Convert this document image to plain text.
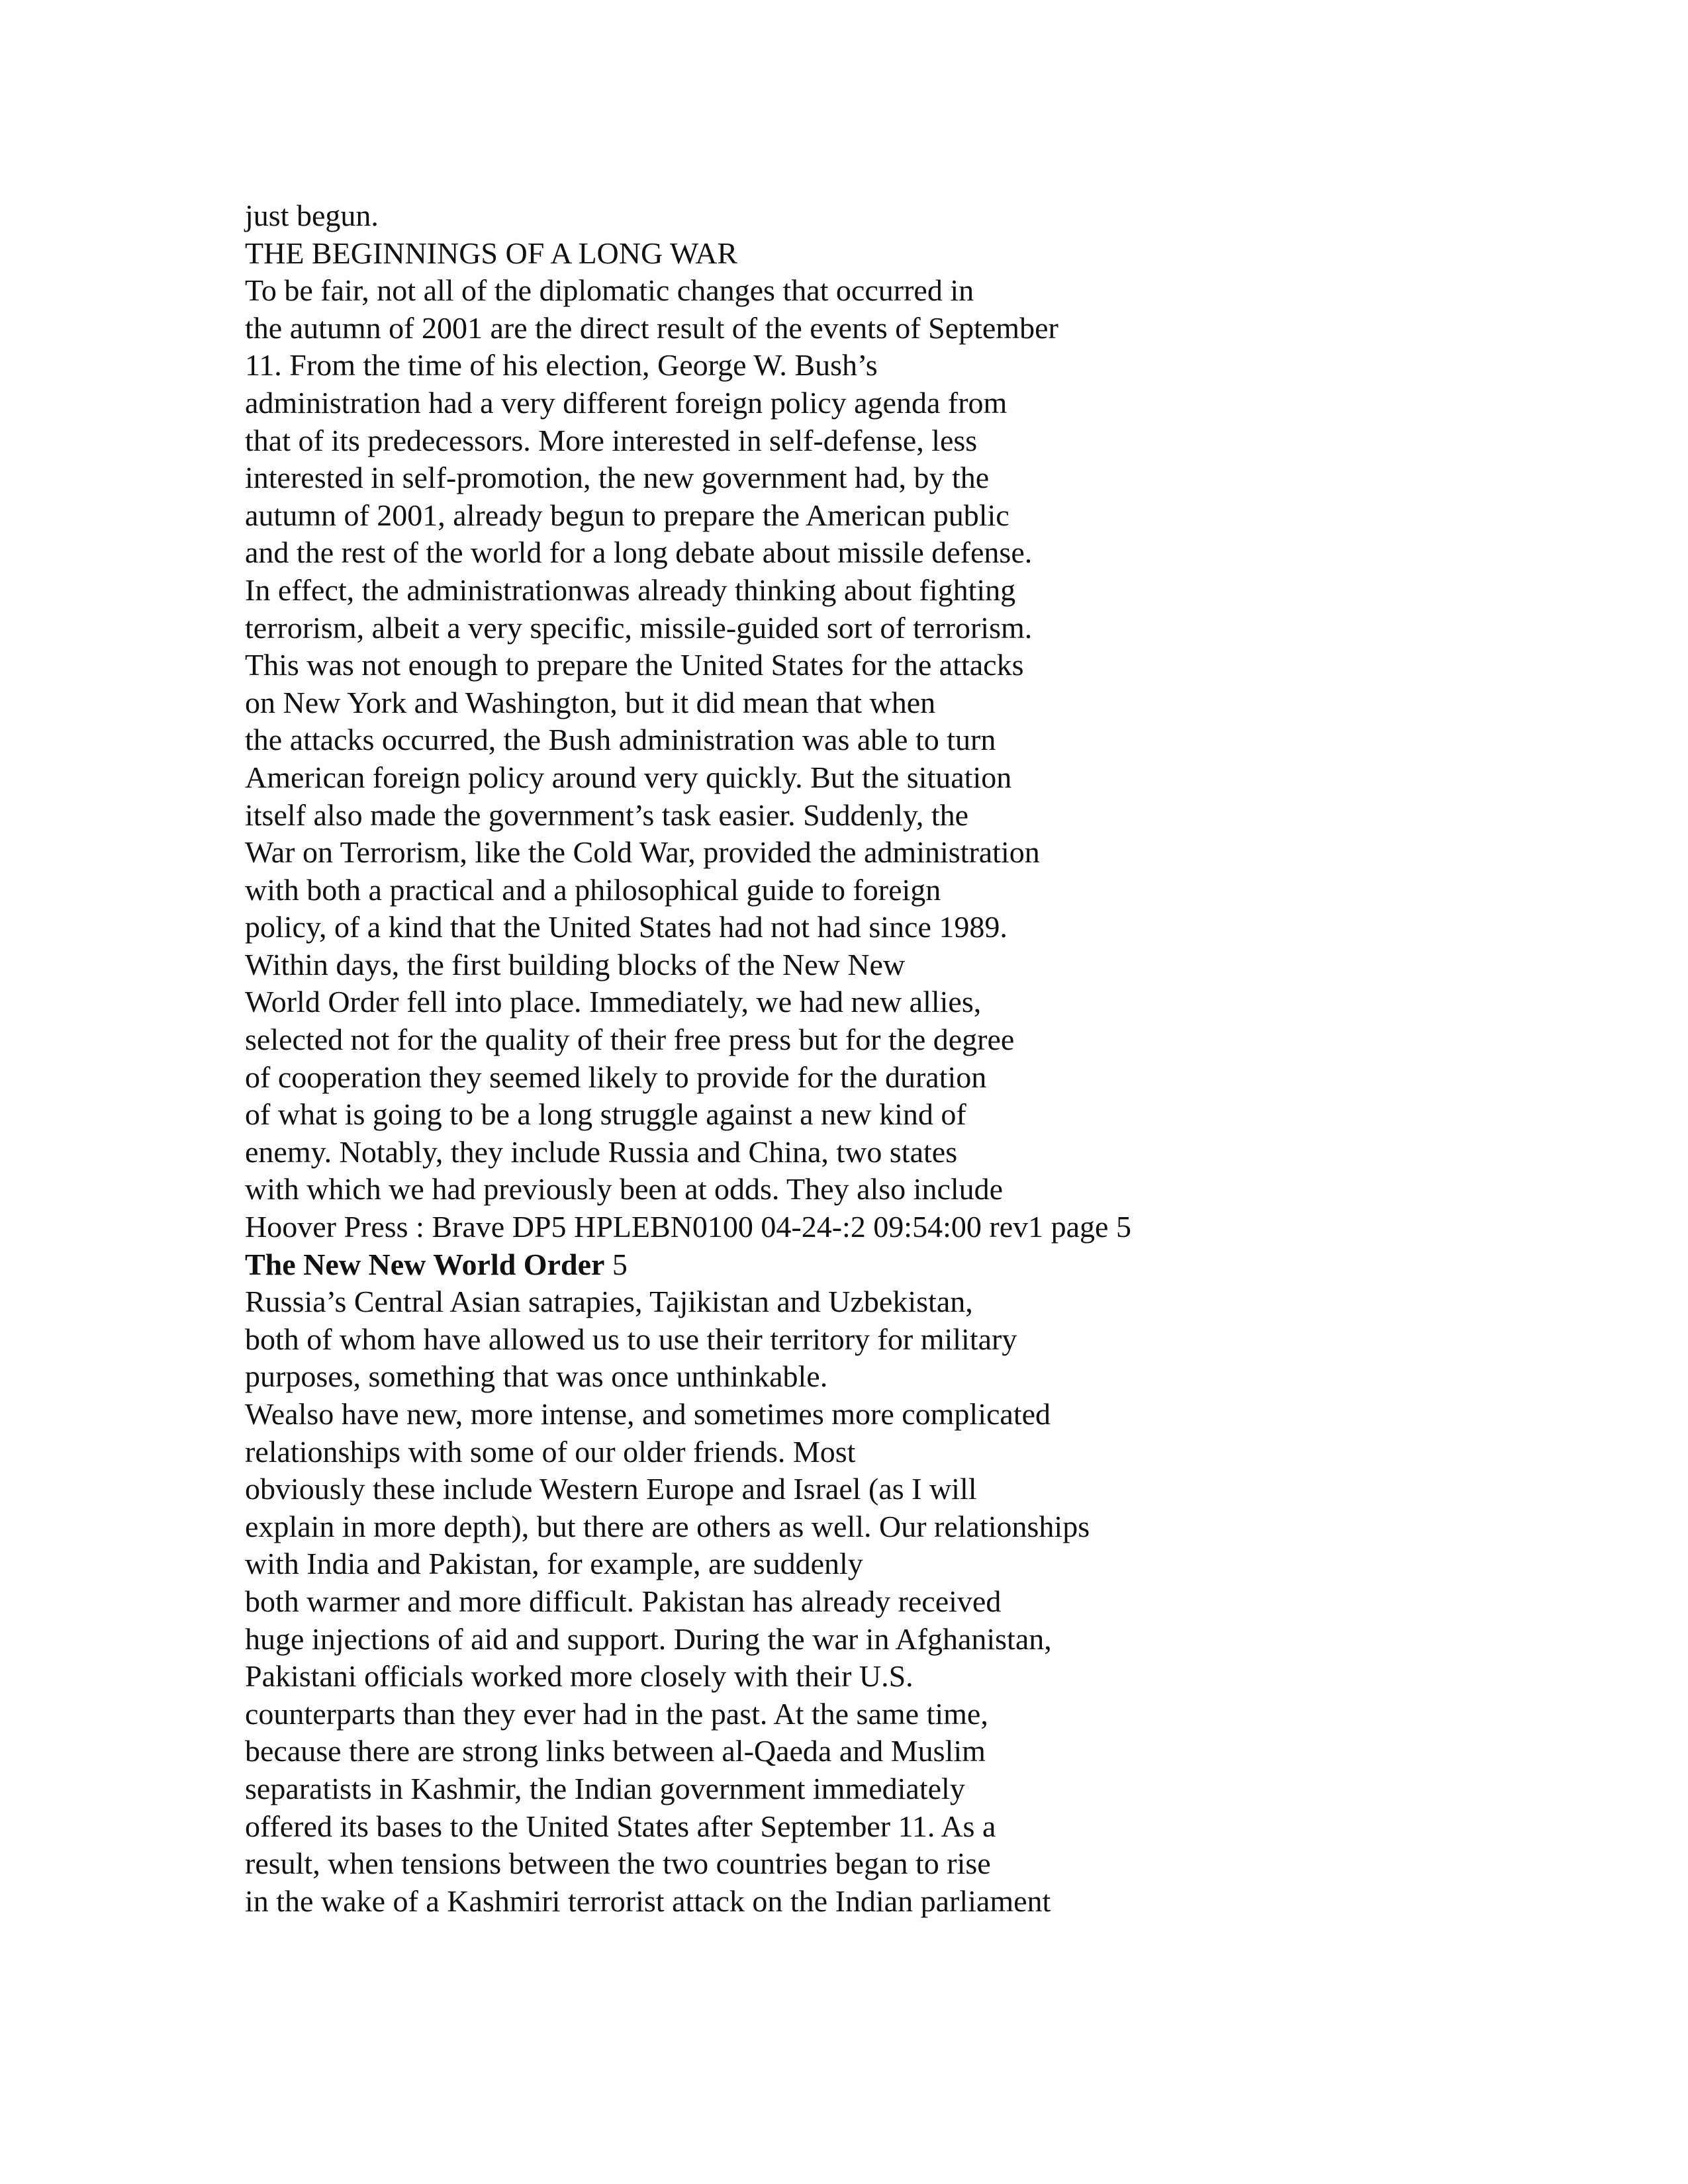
just begun.
THE BEGINNINGS OF A LONG WAR
To be fair, not all of the diplomatic changes that occurred in
the autumn of 2001 are the direct result of the events of September
11. From the time of his election, George W. Bush’s
administration had a very different foreign policy agenda from
that of its predecessors. More interested in self-defense, less
interested in self-promotion, the new government had, by the
autumn of 2001, already begun to prepare the American public
and the rest of the world for a long debate about missile defense.
In effect, the administrationwas already thinking about fighting
terrorism, albeit a very specific, missile-guided sort of terrorism.
This was not enough to prepare the United States for the attacks
on New York and Washington, but it did mean that when
the attacks occurred, the Bush administration was able to turn
American foreign policy around very quickly. But the situation
itself also made the government’s task easier. Suddenly, the
War on Terrorism, like the Cold War, provided the administration
with both a practical and a philosophical guide to foreign
policy, of a kind that the United States had not had since 1989.
Within days, the first building blocks of the New New
World Order fell into place. Immediately, we had new allies,
selected not for the quality of their free press but for the degree
of cooperation they seemed likely to provide for the duration
of what is going to be a long struggle against a new kind of
enemy. Notably, they include Russia and China, two states
with which we had previously been at odds. They also include
Hoover Press : Brave DP5 HPLEBN0100 04-24-:2 09:54:00 rev1 page 5
The New New World Order 5
Russia’s Central Asian satrapies, Tajikistan and Uzbekistan,
both of whom have allowed us to use their territory for military
purposes, something that was once unthinkable.
Wealso have new, more intense, and sometimes more complicated
relationships with some of our older friends. Most
obviously these include Western Europe and Israel (as I will
explain in more depth), but there are others as well. Our relationships
with India and Pakistan, for example, are suddenly
both warmer and more difficult. Pakistan has already received
huge injections of aid and support. During the war in Afghanistan,
Pakistani officials worked more closely with their U.S.
counterparts than they ever had in the past. At the same time,
because there are strong links between al-Qaeda and Muslim
separatists in Kashmir, the Indian government immediately
offered its bases to the United States after September 11. As a
result, when tensions between the two countries began to rise
in the wake of a Kashmiri terrorist attack on the Indian parliament
